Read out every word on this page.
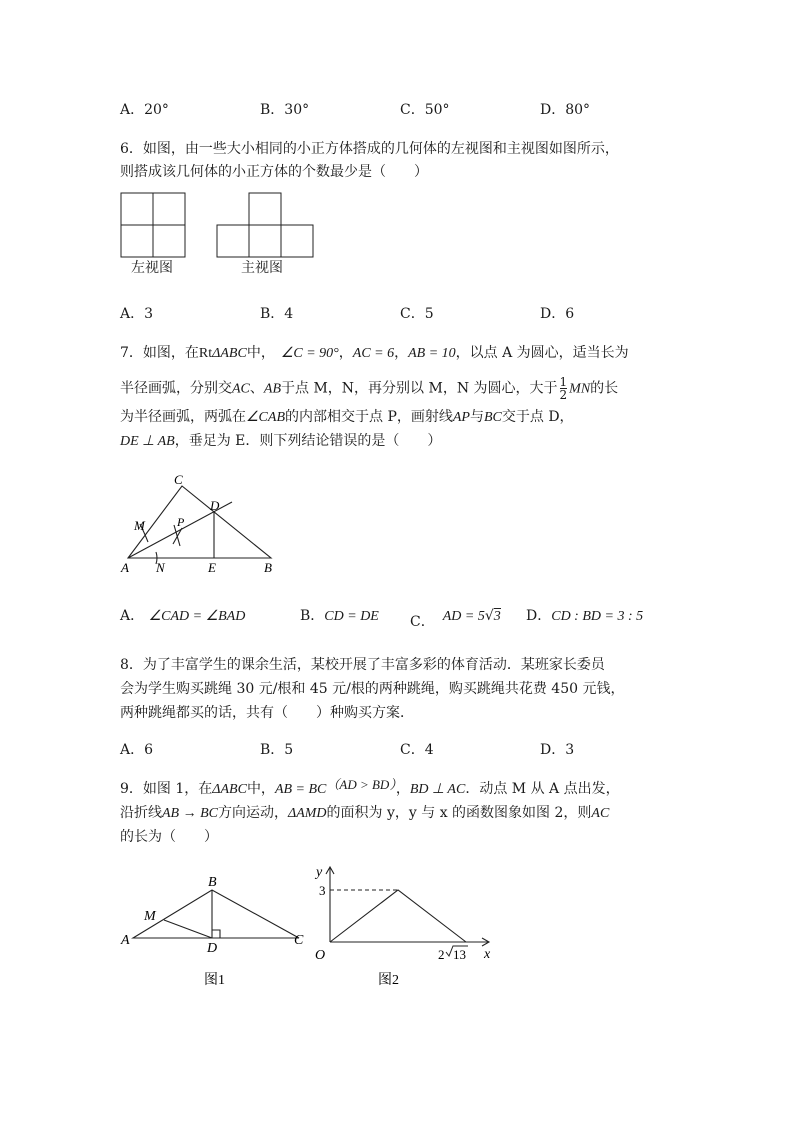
A．20°	B．30°	C．50°	D．80°
6．如图，由一些大小相同的小正方体搭成的几何体的左视图和主视图如图所示，
则搭成该几何体的小正方体的个数最少是（　　）
左视图	主视图
A．3	B．4	C．5	D．6
7．如图，在RtΔABC中， ∠C = 90°，AC = 6，AB = 10，以点 A 为圆心，适当长为
半径画弧，分别交AC、AB于点 M，N，再分别以 M，N 为圆心，大于 $\frac{1}{2}$ MN的长
为半径画弧，两弧在∠CAB的内部相交于点 P，画射线AP与BC交于点 D，
DE ⊥ AB，垂足为 E．则下列结论错误的是（　　）
C
D
M	P
A N	E	B
A． ∠CAD = ∠BAD	B．CD = DE C． AD = 5√3 D．CD : BD = 3 : 5
8．为了丰富学生的课余生活，某校开展了丰富多彩的体育活动．某班家长委员
会为学生购买跳绳 30 元/根和 45 元/根的两种跳绳，购买跳绳共花费 450 元钱，
两种跳绳都买的话，共有（　　）种购买方案．
A．6	B．5	C．4	D．3
9．如图 1，在ΔABC中，AB = BC（AD > BD），BD ⊥ AC．动点 M 从 A 点出发，
沿折线AB → BC方向运动，ΔAMD的面积为 y，y 与 x 的函数图象如图 2，则AC
的长为（　　）
A
B
C
D
M
图1
y
x
O
3
2 13
图2
